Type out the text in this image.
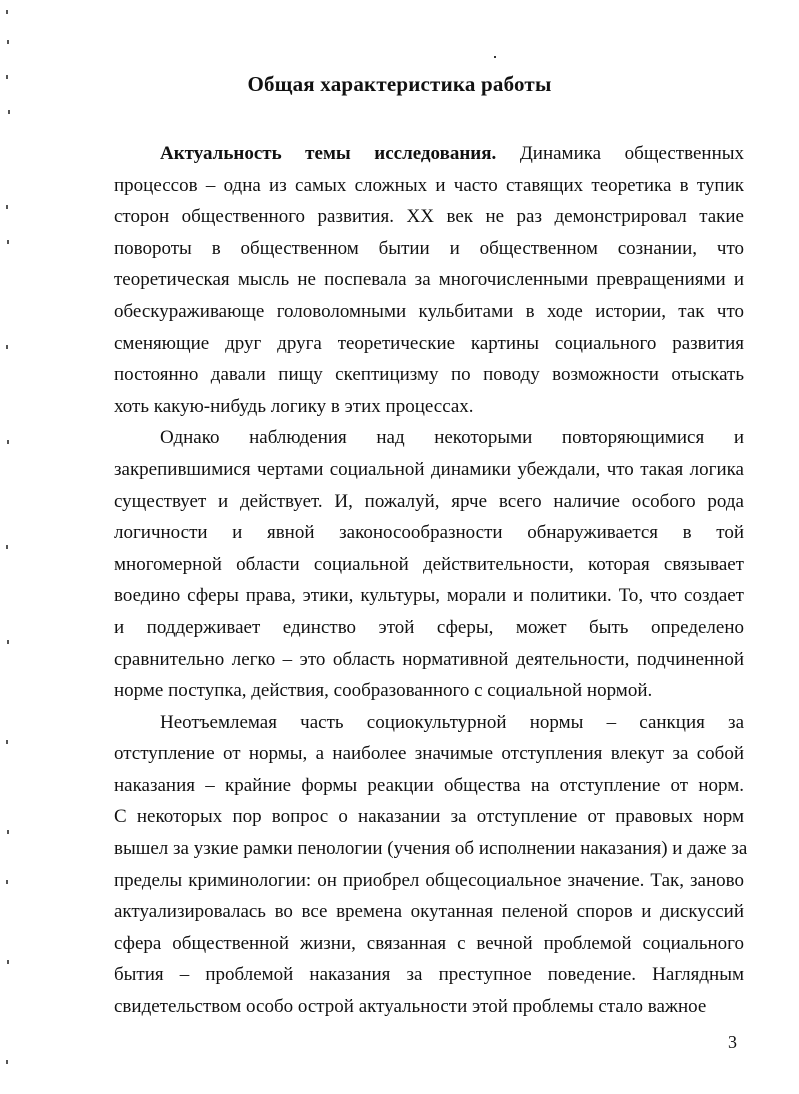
Общая характеристика работы
Актуальность темы исследования. Динамика общественных
процессов – одна из самых сложных и часто ставящих теоретика в тупик
сторон общественного развития. XX век не раз демонстрировал такие
повороты в общественном бытии и общественном сознании, что
теоретическая мысль не поспевала за многочисленными превращениями и
обескураживающе головоломными кульбитами в ходе истории, так что
сменяющие друг друга теоретические картины социального развития
постоянно давали пищу скептицизму по поводу возможности отыскать
хоть какую-нибудь логику в этих процессах.
Однако наблюдения над некоторыми повторяющимися и
закрепившимися чертами социальной динамики убеждали, что такая логика
существует и действует. И, пожалуй, ярче всего наличие особого рода
логичности и явной законосообразности обнаруживается в той
многомерной области социальной действительности, которая связывает
воедино сферы права, этики, культуры, морали и политики. То, что создает
и поддерживает единство этой сферы, может быть определено
сравнительно легко – это область нормативной деятельности, подчиненной
норме поступка, действия, сообразованного с социальной нормой.
Неотъемлемая часть социокультурной нормы – санкция за
отступление от нормы, а наиболее значимые отступления влекут за собой
наказания – крайние формы реакции общества на отступление от норм.
С некоторых пор вопрос о наказании за отступление от правовых норм
вышел за узкие рамки пенологии (учения об исполнении наказания) и даже за
пределы криминологии: он приобрел общесоциальное значение. Так, заново
актуализировалась во все времена окутанная пеленой споров и дискуссий
сфера общественной жизни, связанная с вечной проблемой социального
бытия – проблемой наказания за преступное поведение. Наглядным
свидетельством особо острой актуальности этой проблемы стало важное
3
